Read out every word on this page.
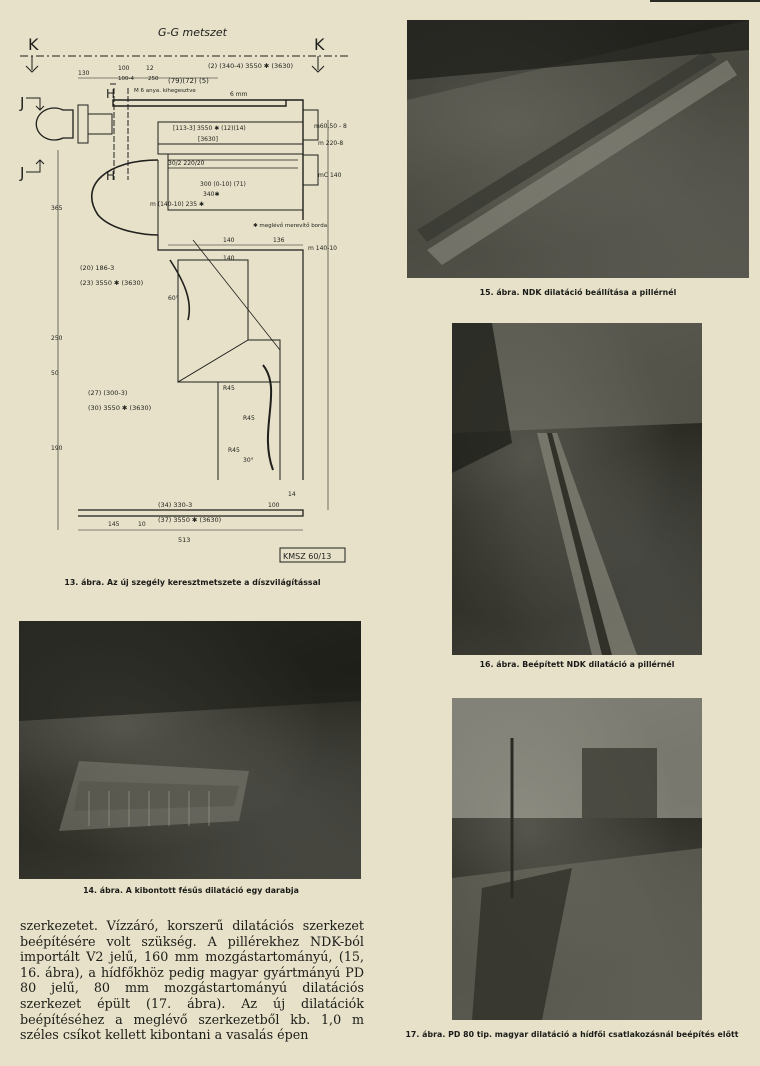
G-G metszet
K	K
J
J
H
H
(2) (340-4) 3550 ✱ (3630)
(79)(72) (5)
M 6 anya. kihegesztve	6 mm
[113-3] 3550 ✱ (12)(14)
[3630]
30/2 220/20
300 (0-10) (71)
340✱
m (140-10) 235 ✱
✱ meglévő merevítő borda
m60,50 - 8
m 220-8
mC 140
m 140-10
(20) 186-3
(23) 3550 ✱ (3630)
(27) (300-3)
(30) 3550 ✱ (3630)
(34) 330-3
(37) 3550 ✱ (3630)
KMSZ 60/13
130
100	12
100-4	250
140	136
365
250
50
190
145	10
100
14
513
140
R45
R45
R45
60°
30°
13. ábra. Az új szegély keresztmetszete a díszvilágítással
14. ábra. A kibontott fésűs dilatáció egy darabja
15. ábra. NDK dilatáció beállítása a pillérnél
16. ábra. Beépített NDK dilatáció a pillérnél
17. ábra. PD 80 tip. magyar dilatáció a hídfői csatlakozásnál beépítés előtt

szerkezetet. Vízzáró, korszerű dilatációs szerkezet beépítésére volt szükség. A pillérekhez NDK-ból importált V2 jelű, 160 mm mozgástartományú, (15, 16. ábra), a hídfőkhöz pedig magyar gyártmányú PD 80 jelű, 80 mm mozgástartományú dilatációs szerkezet épült (17. ábra). Az új dilatációk beépítéséhez a meglévő szerkezetből kb. 1,0 m széles csíkot kellett kibontani a vasalás épen
